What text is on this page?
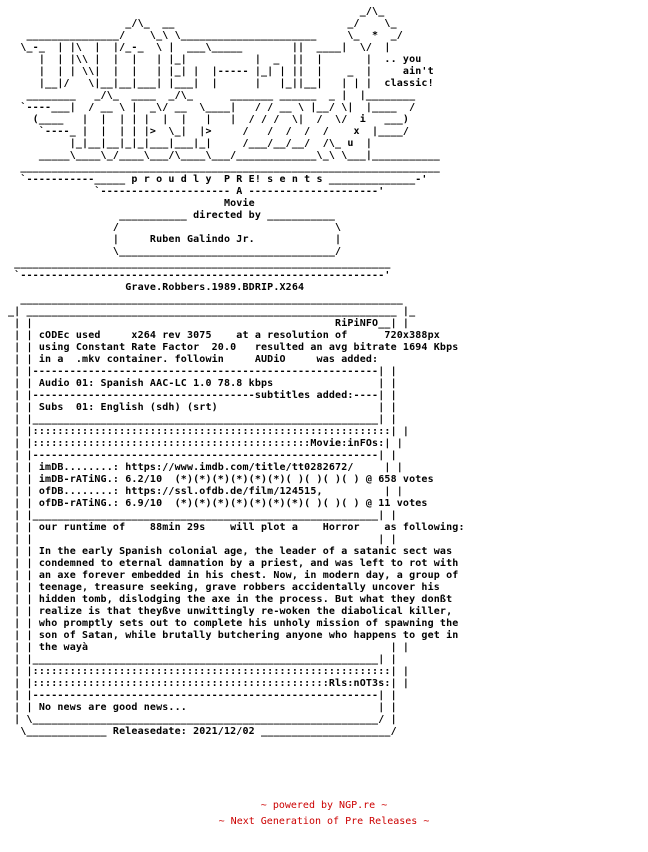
_/\_
_/\_  __                            _/    \_
_______________/    \_\ \______________________     \_  *  _/
\_-_  | |\  |  |/_-_  \ |  ___\_____        ||  ____|  \/  |
|  | |\\ |  |  |   | |_|           |  _  ||  |       |  .. you
|  | | \\|  |  |   | |_| |  |----- |_| | ||  |    _  |     ain't
|__|/   \|__|__|___| |___|  |      |   |_||__|   | | |  classic!
________   _/\_  ____  _/\_      _______ ______  _ |  |________
`----___|  / __ \ |  _\/ __  \____|   / / __ \ |__/ \|  |____  /
(____   |  |  | | |  |  |   |   |  / / /  \|  /  \/  i   ___)
`----_ |  |  | | |>  \_|  |>     /   /  /  /  /    x  |____/
|_|__|__|_|_|___|___|_|     /___/__/__/  /\_ u  |
_____\____\_/____\___/\____\___/_____________\_\ \___|___________
____________________________________________________________________
`-----------_____ p r o u d l y  P R E! s e n t s ______________-'
`--------------------- A ---------------------'
Movie
___________ directed by ___________
/                                   \
|     Ruben Galindo Jr.             |
\___________________________________/
_____________________________________________________________
`-----------------------------------------------------------'
Grave.Robbers.1989.BDRIP.X264
______________________________________________________________
_| ____________________________________________________________ |_
| |                                                 RiPiNFO__| |
| | cODEc used     x264 rev 3075    at a resolution of      720x388px
| | using Constant Rate Factor  20.0   resulted an avg bitrate 1694 Kbps
| | in a  .mkv container. followin     AUDiO     was added:
| |--------------------------------------------------------| |
| | Audio 01: Spanish AAC-LC 1.0 78.8 kbps                 | |
| |------------------------------------subtitles added:----| |
| | Subs  01: English (sdh) (srt)                          | |
| |________________________________________________________| |
| |::::::::::::::::::::::::::::::::::::::::::::::::::::::::::| |
| |:::::::::::::::::::::::::::::::::::::::::::::Movie:inFOs:| |
| |--------------------------------------------------------| |
| | imDB........: https://www.imdb.com/title/tt0282672/     | |
| | imDB-rATiNG.: 6.2/10  (*)(*)(*)(*)(*)(*)( )( )( )( ) @ 658 votes
| | ofDB........: https://ssl.ofdb.de/film/124515,          | |
| | ofDB-rATiNG.: 6.9/10  (*)(*)(*)(*)(*)(*)(*)( )( )( ) @ 11 votes
| |________________________________________________________| |
| | our runtime of    88min 29s    will plot a    Horror    as following:
| |                                                        | |
| | In the early Spanish colonial age, the leader of a satanic sect was
| | condemned to eternal damnation by a priest, and was left to rot with
| | an axe forever embedded in his chest. Now, in modern day, a group of
| | teenage, treasure seeking, grave robbers accidentally uncover his
| | hidden tomb, dislodging the axe in the process. But what they donßt
| | realize is that theyßve unwittingly re-woken the diabolical killer,
| | who promptly sets out to complete his unholy mission of spawning the
| | son of Satan, while brutally butchering anyone who happens to get in
| | the wayà                                                 | |
| |________________________________________________________| |
| |::::::::::::::::::::::::::::::::::::::::::::::::::::::::::| |
| |::::::::::::::::::::::::::::::::::::::::::::::::Rls:nOT3s:| |
| |--------------------------------------------------------| |
| | No news are good news...                               | |
| \________________________________________________________/ |
\_____________ Releasedate: 2021/12/02 _____________________/
~ powered by NGP.re ~
~ Next Generation of Pre Releases ~
